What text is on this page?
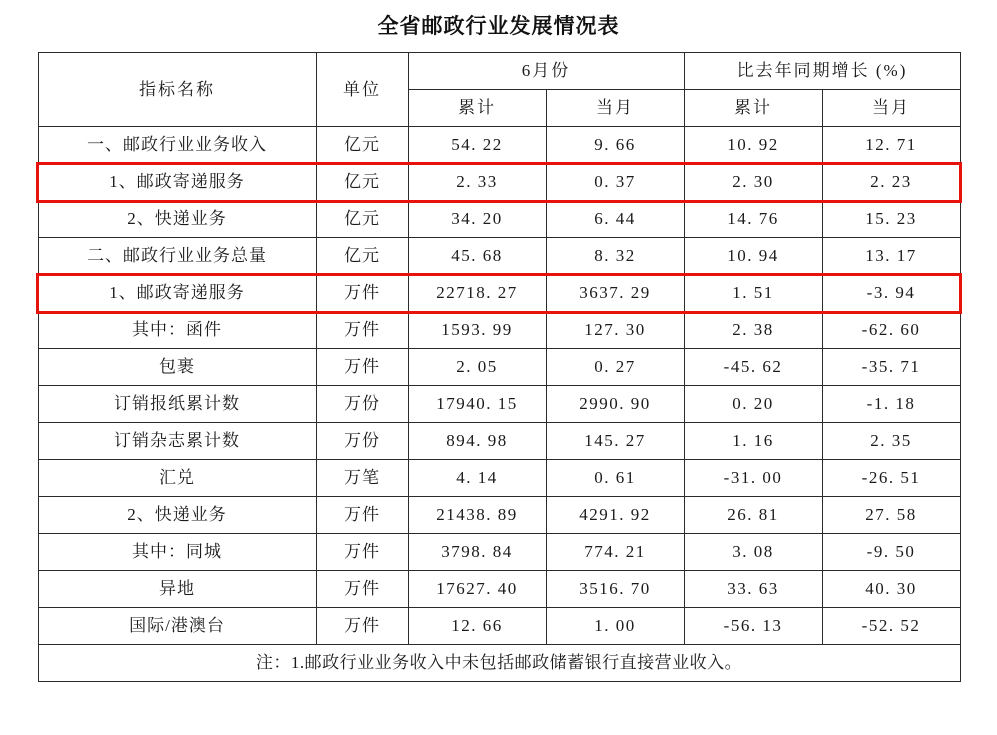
全省邮政行业发展情况表
指标名称	单位	6月份		比去年同期增长 (%)	
		累计	当月	累计	当月
一、邮政行业业务收入	亿元	54. 22	9. 66	10. 92	12. 71
1、邮政寄递服务	亿元	2. 33	0. 37	2. 30	2. 23
2、快递业务	亿元	34. 20	6. 44	14. 76	15. 23
二、邮政行业业务总量	亿元	45. 68	8. 32	10. 94	13. 17
1、邮政寄递服务	万件	22718. 27	3637. 29	1. 51	-3. 94
其中：函件	万件	1593. 99	127. 30	2. 38	-62. 60
包裹	万件	2. 05	0. 27	-45. 62	-35. 71
订销报纸累计数	万份	17940. 15	2990. 90	0. 20	-1. 18
订销杂志累计数	万份	894. 98	145. 27	1. 16	2. 35
汇兑	万笔	4. 14	0. 61	-31. 00	-26. 51
2、快递业务	万件	21438. 89	4291. 92	26. 81	27. 58
其中：同城	万件	3798. 84	774. 21	3. 08	-9. 50
异地	万件	17627. 40	3516. 70	33. 63	40. 30
国际/港澳台	万件	12. 66	1. 00	-56. 13	-52. 52
注：1.邮政行业业务收入中未包括邮政储蓄银行直接营业收入。					
